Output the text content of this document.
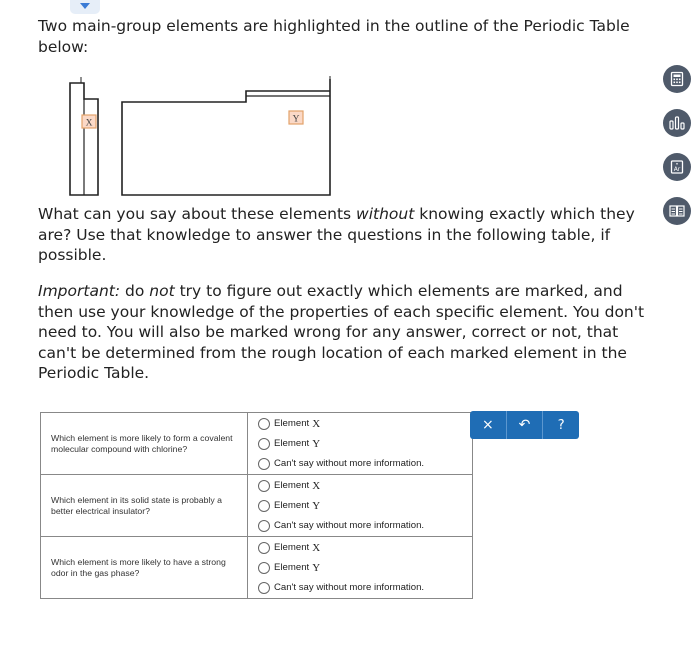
Two main-group elements are highlighted in the outline of the Periodic Table below:

X	Y

What can you say about these elements without knowing exactly which they are? Use that knowledge to answer the questions in the following table, if possible.

Important: do not try to figure out exactly which elements are marked, and then use your knowledge of the properties of each specific element. You don't need to. You will also be marked wrong for any answer, correct or not, that can't be determined from the rough location of each marked element in the Periodic Table.

Ar
Which element is more likely to form a covalent molecular compound with chlorine?	Element X
Element Y
Can't say without more information.

Which element in its solid state is probably a better electrical insulator?	Element X
Element Y
Can't say without more information.

Which element is more likely to have a strong odor in the gas phase?	Element X
Element Y
Can't say without more information.
×	↶	?
